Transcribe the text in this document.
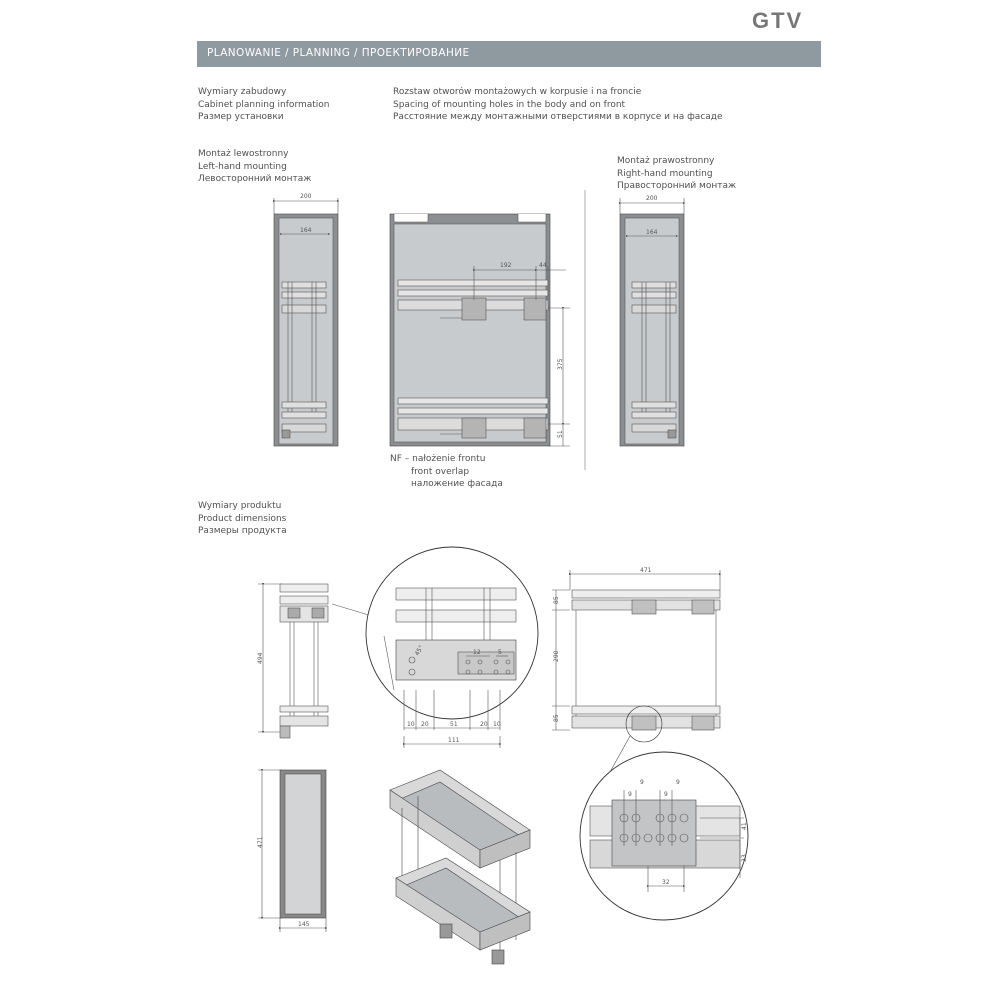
GTV
PLANOWANIE / PLANNING / ПРОЕКТИРОВАНИЕ
Wymiary zabudowy
Cabinet planning information
Размер установки
Rozstaw otworów montażowych w korpusie i na froncie
Spacing of mounting holes in the body and on front
Расстояние между монтажными отверстиями в корпусе и на фасаде
Montaż lewostronny
Left-hand mounting
Левосторонний монтаж
Montaż prawostronny
Right-hand mounting
Правосторонний монтаж
NF – nałożenie frontu
front overlap
наложение фасада
Wymiary produktu
Product dimensions
Размеры продукта
200
164
200
164
192	44
375
51
494
45°	12	5
10 20	51	20 10
111
471
85
290
85
471
145
9
9
9
9
41
33
32
